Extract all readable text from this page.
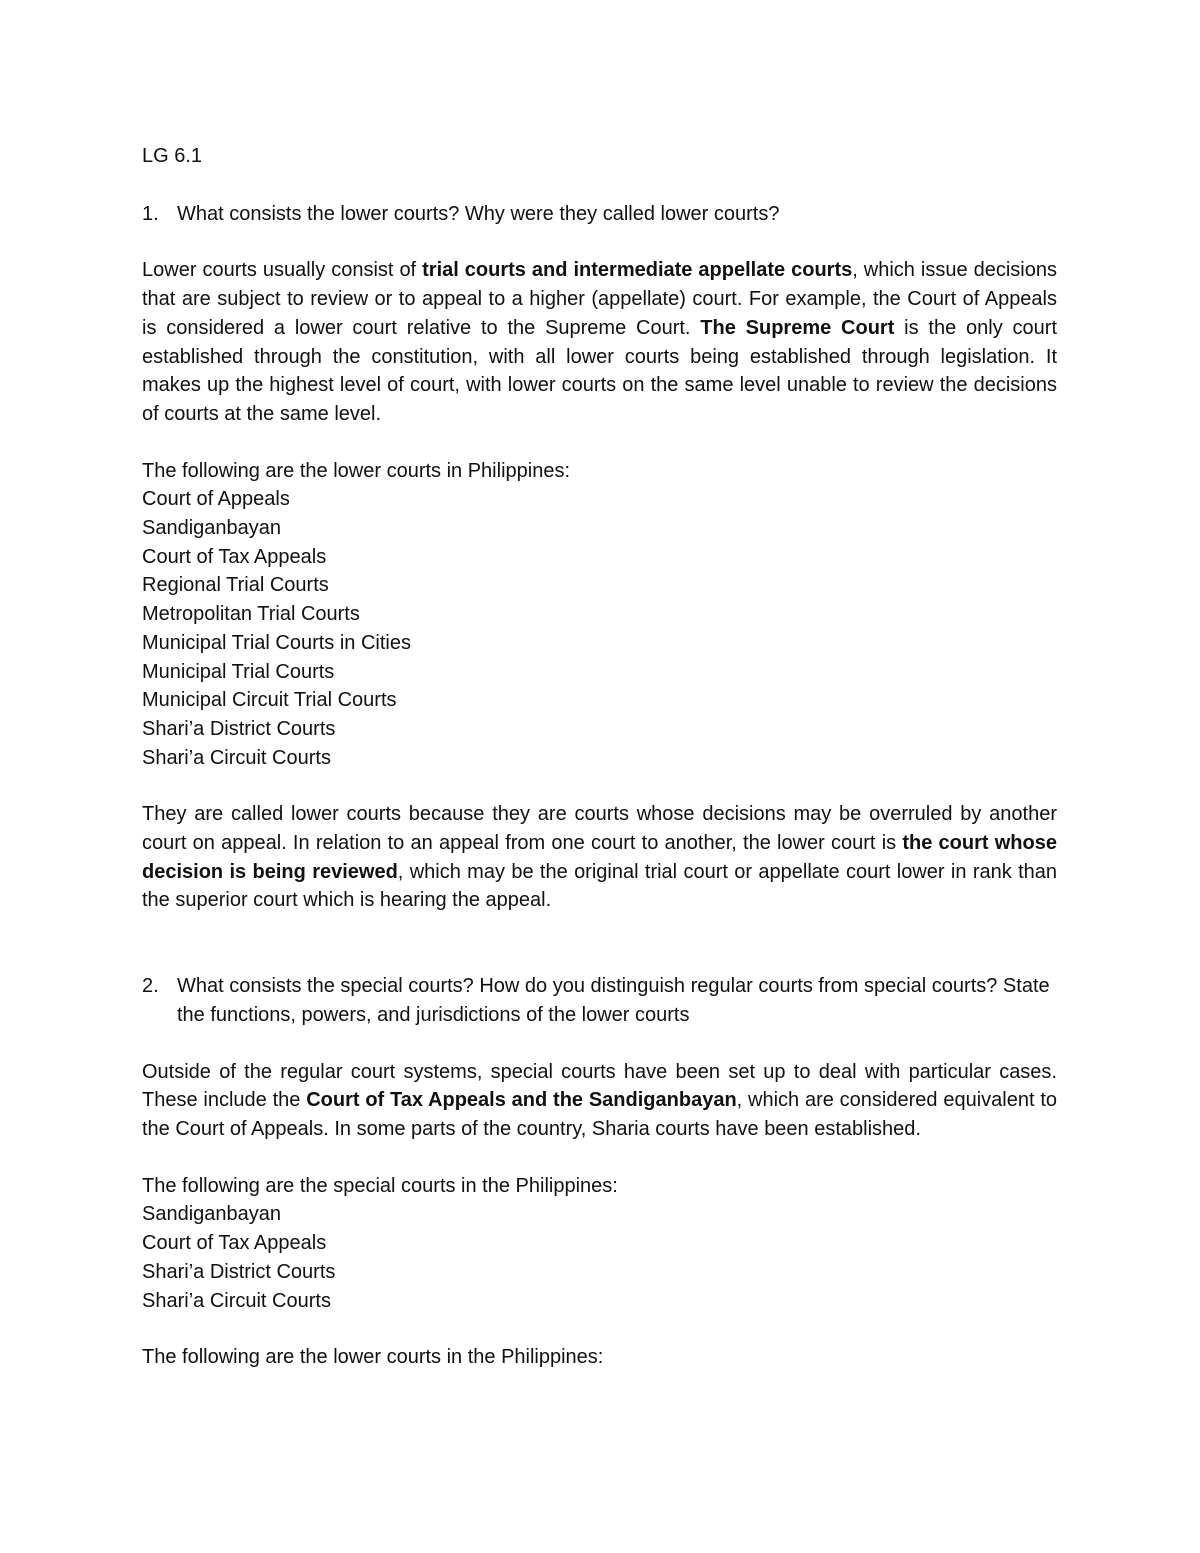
LG 6.1

1. What consists the lower courts? Why were they called lower courts?

Lower courts usually consist of trial courts and intermediate appellate courts, which issue decisions that are subject to review or to appeal to a higher (appellate) court. For example, the Court of Appeals is considered a lower court relative to the Supreme Court. The Supreme Court is the only court established through the constitution, with all lower courts being established through legislation. It makes up the highest level of court, with lower courts on the same level unable to review the decisions of courts at the same level.

The following are the lower courts in Philippines:

Court of Appeals

Sandiganbayan

Court of Tax Appeals

Regional Trial Courts

Metropolitan Trial Courts

Municipal Trial Courts in Cities

Municipal Trial Courts

Municipal Circuit Trial Courts

Shari’a District Courts

Shari’a Circuit Courts

They are called lower courts because they are courts whose decisions may be overruled by another court on appeal. In relation to an appeal from one court to another, the lower court is the court whose decision is being reviewed, which may be the original trial court or appellate court lower in rank than the superior court which is hearing the appeal.

2. What consists the special courts? How do you distinguish regular courts from special courts? State the functions, powers, and jurisdictions of the lower courts

Outside of the regular court systems, special courts have been set up to deal with particular cases. These include the Court of Tax Appeals and the Sandiganbayan, which are considered equivalent to the Court of Appeals. In some parts of the country, Sharia courts have been established.

The following are the special courts in the Philippines:

Sandiganbayan

Court of Tax Appeals

Shari’a District Courts

Shari’a Circuit Courts

The following are the lower courts in the Philippines:
